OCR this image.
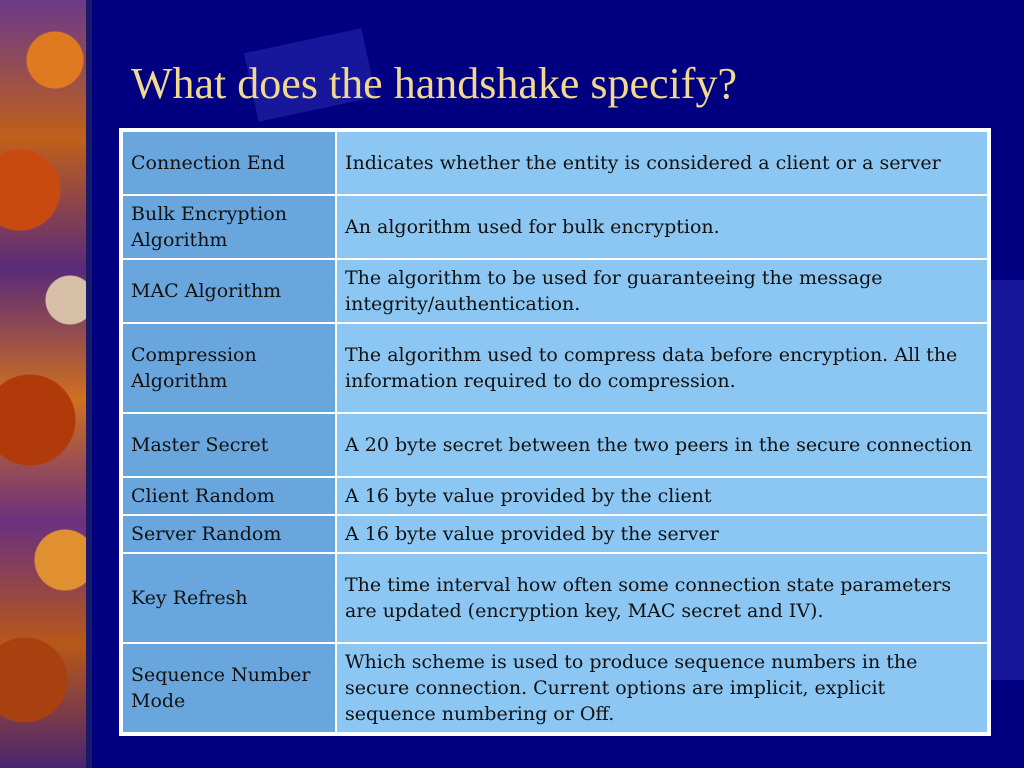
What does the handshake specify?
Connection End	Indicates whether the entity is considered a client or a server
Bulk Encryption Algorithm	An algorithm used for bulk encryption.
MAC Algorithm	The algorithm to be used for guaranteeing the message integrity/authentication.
Compression Algorithm	The algorithm used to compress data before encryption. All the information required to do compression.
Master Secret	A 20 byte secret between the two peers in the secure connection
Client Random	A 16 byte value provided by the client
Server Random	A 16 byte value provided by the server
Key Refresh	The time interval how often some connection state parameters are updated (encryption key, MAC secret and IV).
Sequence Number Mode	Which scheme is used to produce sequence numbers in the secure connection. Current options are implicit, explicit sequence numbering or Off.
